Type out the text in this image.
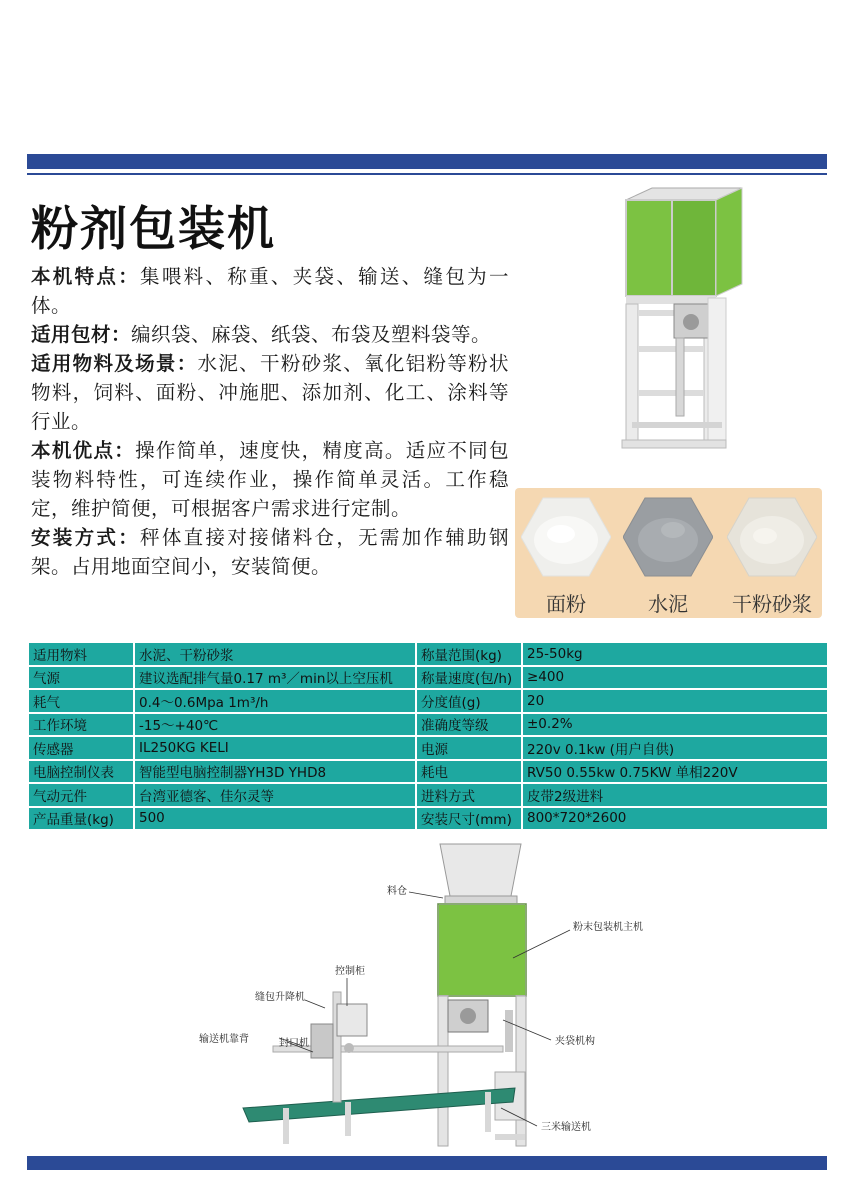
粉剂包装机

本机特点：集喂料、称重、夹袋、输送、缝包为一体。

适用包材：编织袋、麻袋、纸袋、布袋及塑料袋等。

适用物料及场景：水泥、干粉砂浆、氧化铝粉等粉状物料，饲料、面粉、冲施肥、添加剂、化工、涂料等行业。

本机优点：操作简单，速度快，精度高。适应不同包装物料特性，可连续作业，操作简单灵活。工作稳定，维护简便，可根据客户需求进行定制。

安装方式：秤体直接对接储料仓，无需加作辅助钢架。占用地面空间小，安装简便。

面粉	水泥	干粉砂浆
适用物料	水泥、干粉砂浆	称量范围(kg)	25-50kg
气源	建议选配排气量0.17 m³／min以上空压机	称量速度(包/h)	≥400
耗气	0.4～0.6Mpa 1m³/h	分度值(g)	20
工作环境	-15～+40℃	准确度等级	±0.2%
传感器	IL250KG KELI	电源	220v 0.1kw (用户自供)
电脑控制仪表	智能型电脑控制器YH3D YHD8	耗电	RV50 0.55kw 0.75KW 单相220V
气动元件	台湾亚德客、佳尔灵等	进料方式	皮带2级进料
产品重量(kg)	500	安装尺寸(mm)	800*720*2600
料仓
粉末包装机主机
控制柜
缝包升降机
输送机靠背	封口机	夹袋机构
三米输送机
